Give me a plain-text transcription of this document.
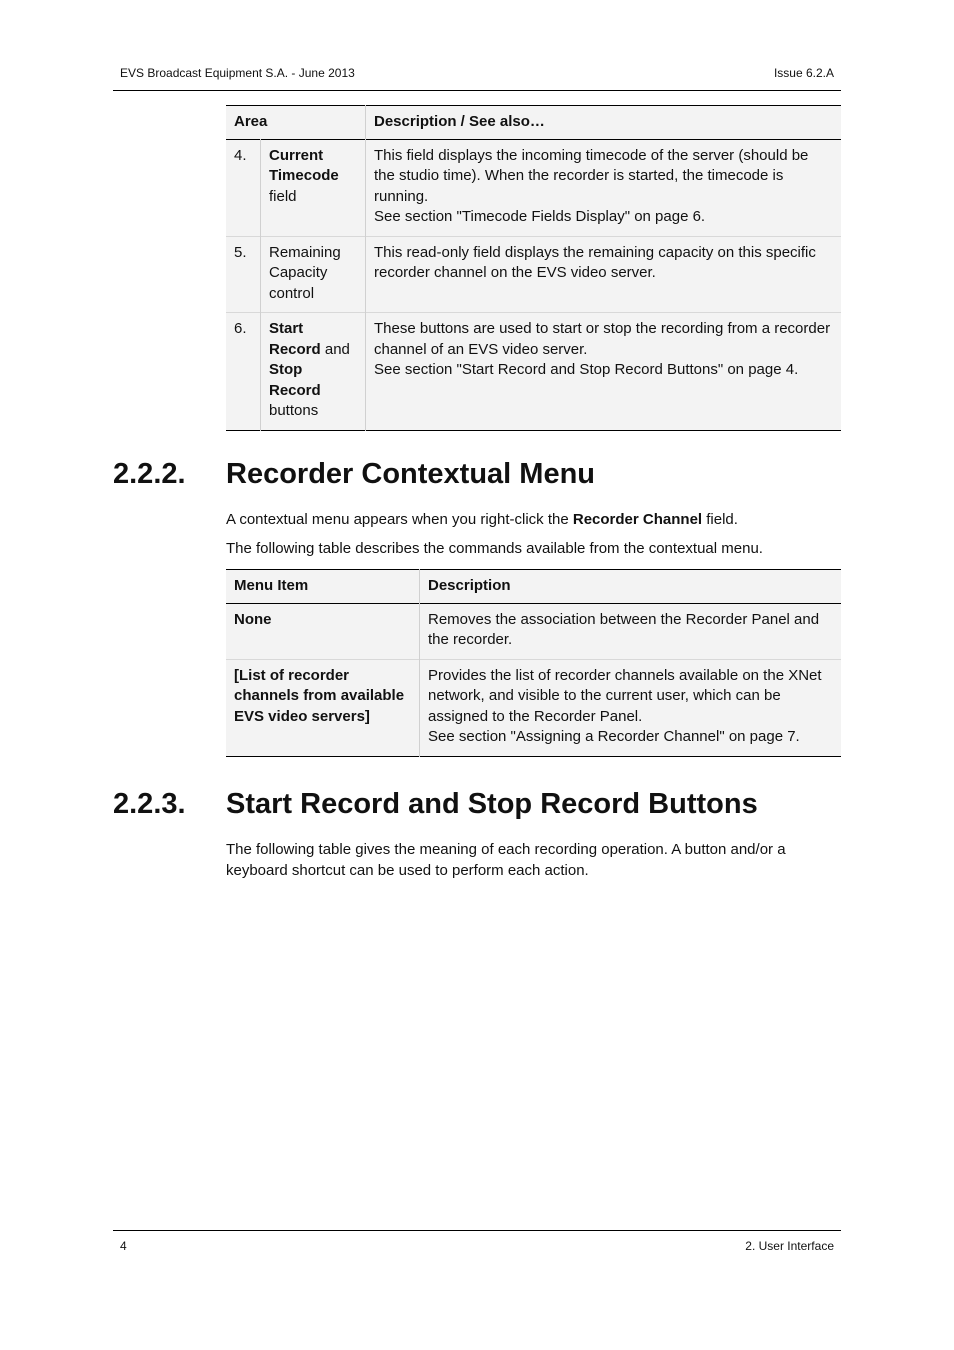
EVS Broadcast Equipment S.A. - June 2013	Issue 6.2.A
Area		Description / See also…
4.	Current Timecode field	This field displays the incoming timecode of the server (should be the studio time). When the recorder is started, the timecode is running.
See section "Timecode Fields Display" on page 6.

5.	Remaining Capacity control	This read-only field displays the remaining capacity on this specific recorder channel on the EVS video server.

6.	Start Record and Stop Record buttons	These buttons are used to start or stop the recording from a recorder channel of an EVS video server.
See section "Start Record and Stop Record Buttons" on page 4.
2.2.2. Recorder Contextual Menu

A contextual menu appears when you right-click the Recorder Channel field.

The following table describes the commands available from the contextual menu.

Menu Item	Description
None	Removes the association between the Recorder Panel and the recorder.

[List of recorder channels from available EVS video servers]	Provides the list of recorder channels available on the XNet network, and visible to the current user, which can be assigned to the Recorder Panel.
See section "Assigning a Recorder Channel" on page 7.
2.2.3. Start Record and Stop Record Buttons

The following table gives the meaning of each recording operation. A button and/or a keyboard shortcut can be used to perform each action.

4	2. User Interface
